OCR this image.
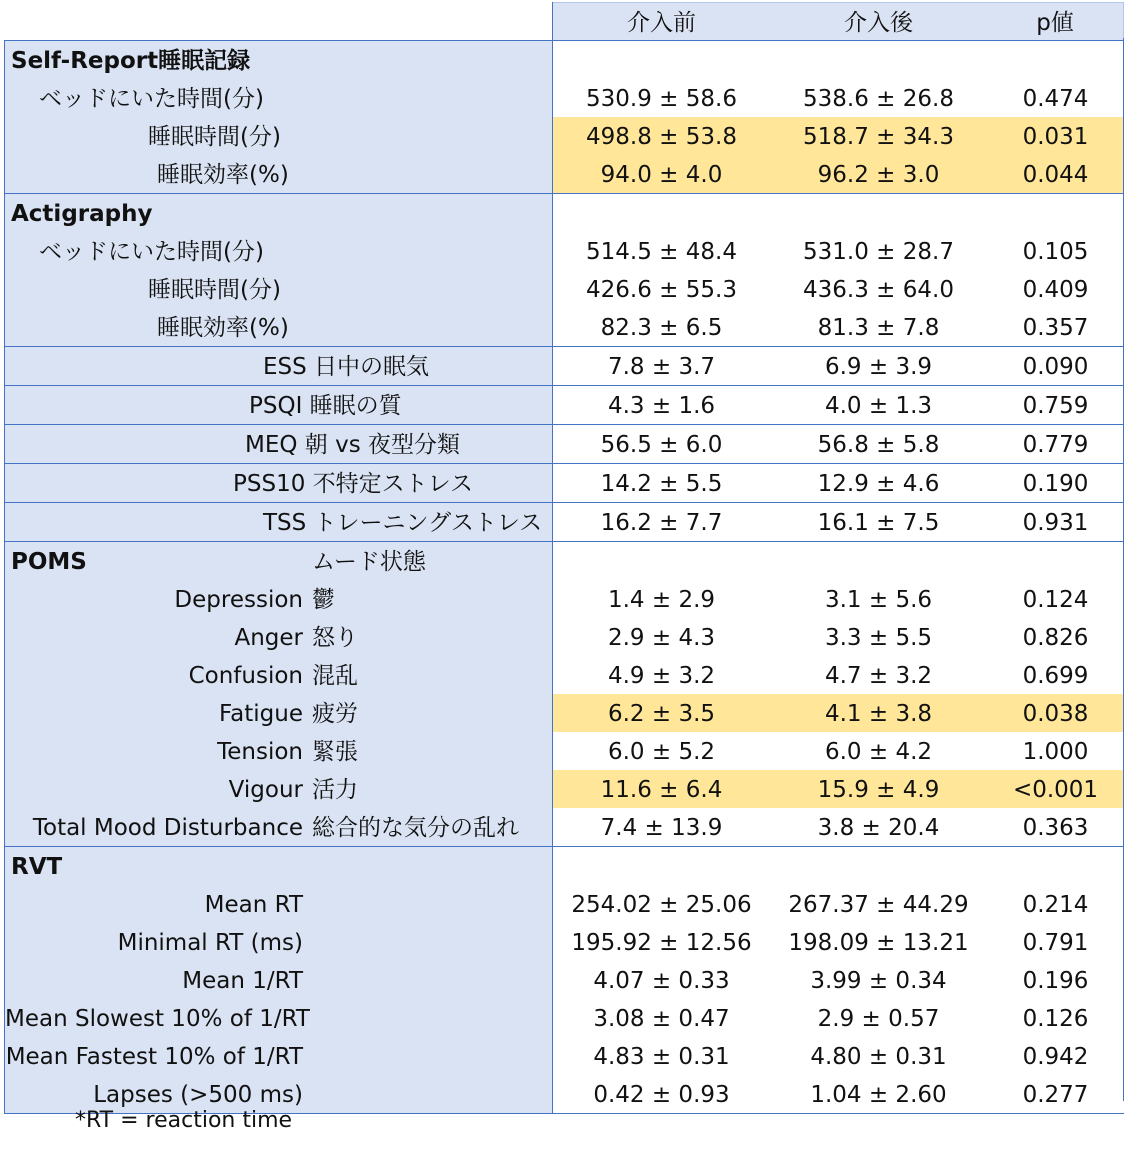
介入前	介入後	p値
Self-Report睡眠記録
ベッドにいた時間(分)	530.9 ± 58.6	538.6 ± 26.8	0.474
睡眠時間(分)	498.8 ± 53.8	518.7 ± 34.3	0.031
睡眠効率(%)	94.0 ± 4.0	96.2 ± 3.0	0.044
Actigraphy
ベッドにいた時間(分)	514.5 ± 48.4	531.0 ± 28.7	0.105
睡眠時間(分)	426.6 ± 55.3	436.3 ± 64.0	0.409
睡眠効率(%)	82.3 ± 6.5	81.3 ± 7.8	0.357
ESS 日中の眠気	7.8 ± 3.7	6.9 ± 3.9	0.090
PSQI 睡眠の質	4.3 ± 1.6	4.0 ± 1.3	0.759
MEQ 朝 vs 夜型分類	56.5 ± 6.0	56.8 ± 5.8	0.779
PSS10 不特定ストレス	14.2 ± 5.5	12.9 ± 4.6	0.190
TSS トレーニングストレス	16.2 ± 7.7	16.1 ± 7.5	0.931
POMS	ムード状態
Depression 鬱	1.4 ± 2.9	3.1 ± 5.6	0.124
Anger 怒り	2.9 ± 4.3	3.3 ± 5.5	0.826
Confusion 混乱	4.9 ± 3.2	4.7 ± 3.2	0.699
Fatigue 疲労	6.2 ± 3.5	4.1 ± 3.8	0.038
Tension 緊張	6.0 ± 5.2	6.0 ± 4.2	1.000
Vigour 活力	11.6 ± 6.4	15.9 ± 4.9	<0.001
Total Mood Disturbance 総合的な気分の乱れ	7.4 ± 13.9	3.8 ± 20.4	0.363
RVT
Mean RT	254.02 ± 25.06	267.37 ± 44.29	0.214
Minimal RT (ms)	195.92 ± 12.56	198.09 ± 13.21	0.791
Mean 1/RT	4.07 ± 0.33	3.99 ± 0.34	0.196
Mean Slowest 10% of 1/RT	3.08 ± 0.47	2.9 ± 0.57	0.126
Mean Fastest 10% of 1/RT	4.83 ± 0.31	4.80 ± 0.31	0.942
Lapses (>500 ms)	0.42 ± 0.93	1.04 ± 2.60	0.277
*RT = reaction time
